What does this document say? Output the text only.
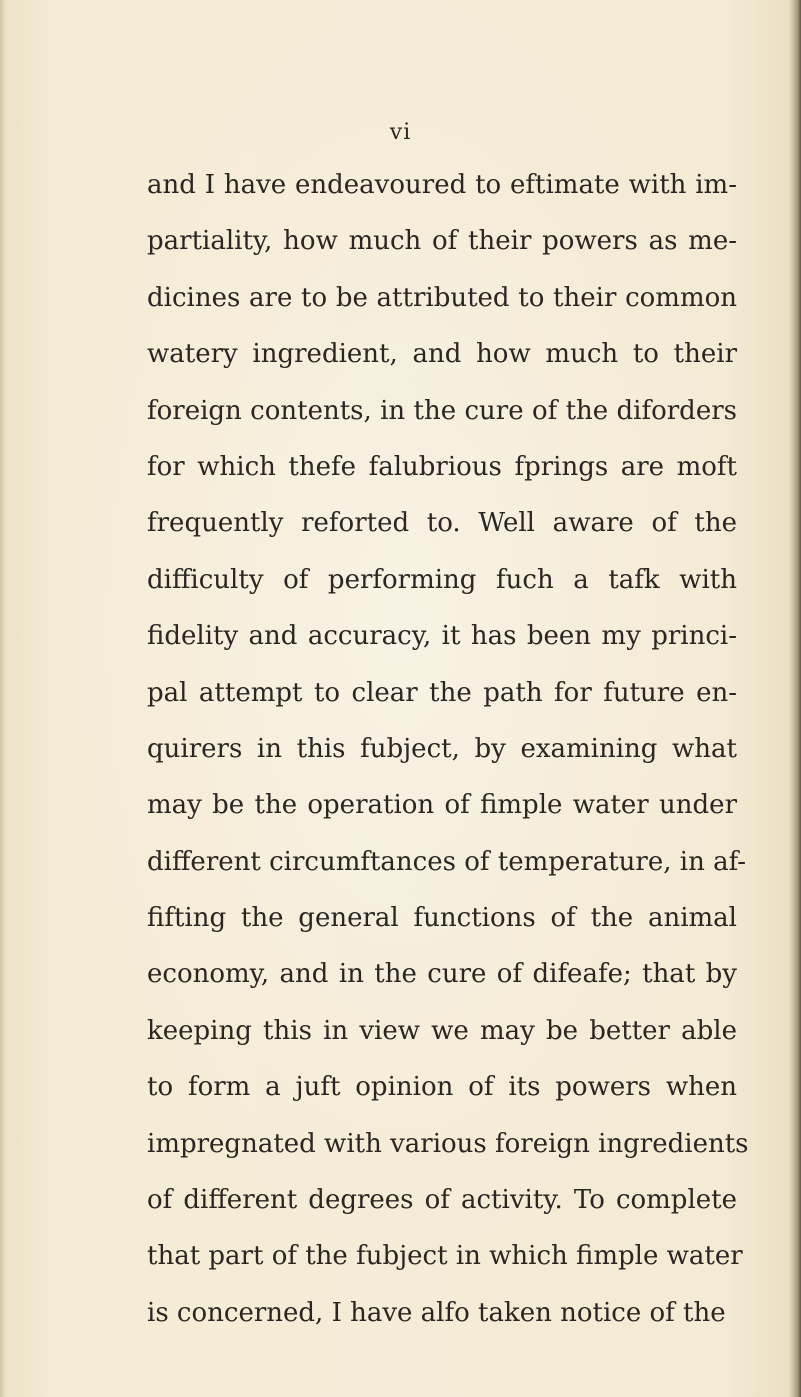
vi
and I have endeavoured to eftimate with im-
partiality, how much of their powers as me-
dicines are to be attributed to their common
watery ingredient, and how much to their
foreign contents, in the cure of the diforders
for which thefe falubrious fprings are moft
frequently reforted to. Well aware of the
difficulty of performing fuch a tafk with
fidelity and accuracy, it has been my princi-
pal attempt to clear the path for future en-
quirers in this fubject, by examining what
may be the operation of fimple water under
different circumftances of temperature, in af-
fifting the general functions of the animal
economy, and in the cure of difeafe; that by
keeping this in view we may be better able
to form a juft opinion of its powers when
impregnated with various foreign ingredients
of different degrees of activity. To complete
that part of the fubject in which fimple water
is concerned, I have alfo taken notice of the
